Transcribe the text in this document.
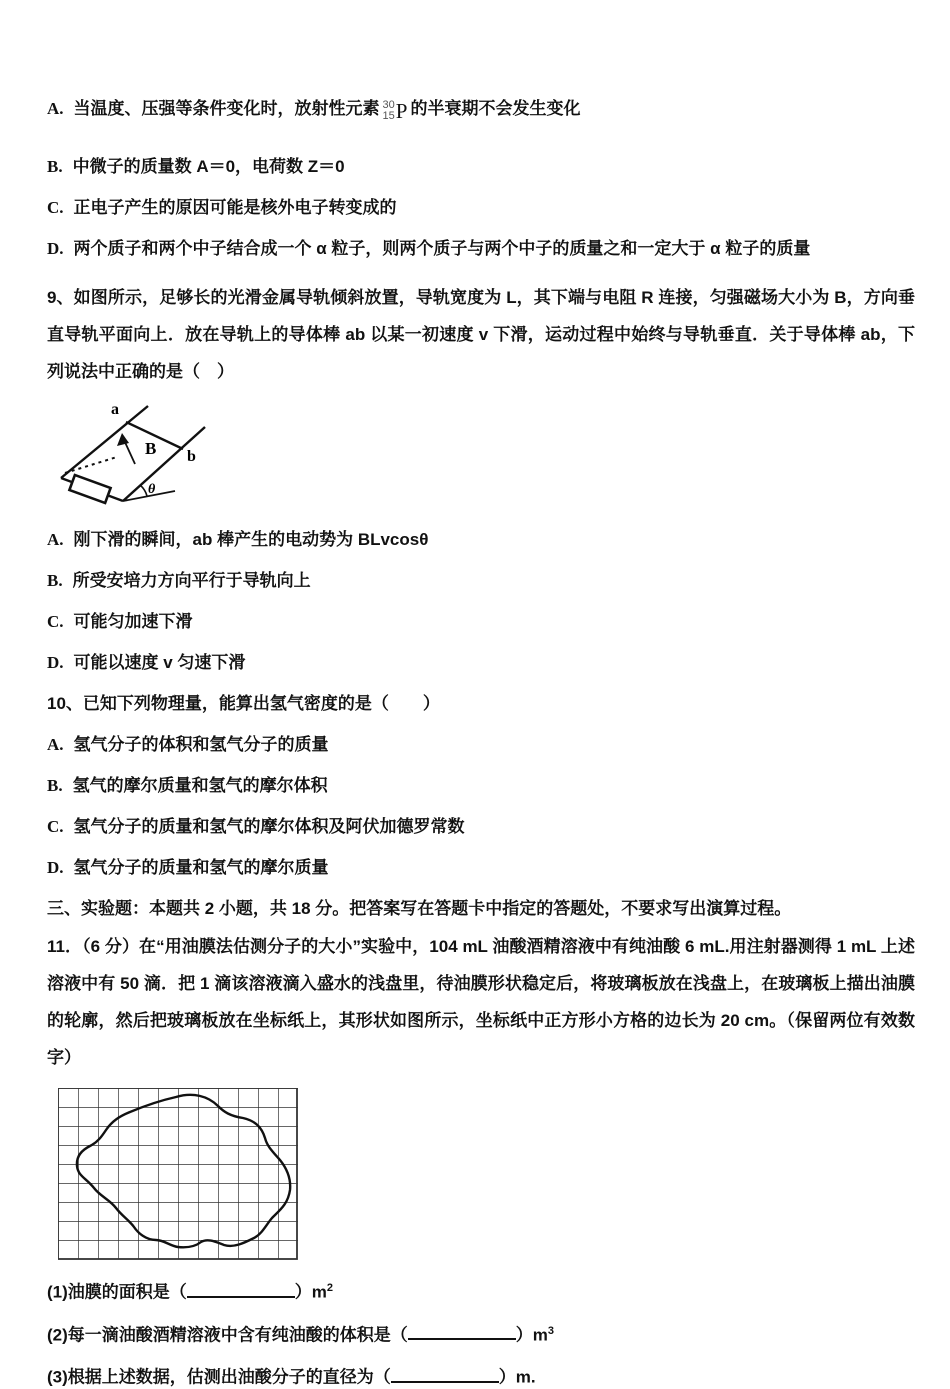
A. 当温度、压强等条件变化时，放射性元素 30
15 P 的半衰期不会发生变化
B. 中微子的质量数 A＝0，电荷数 Z＝0
C. 正电子产生的原因可能是核外电子转变成的
D. 两个质子和两个中子结合成一个 α 粒子，则两个质子与两个中子的质量之和一定大于 α 粒子的质量
9、如图所示，足够长的光滑金属导轨倾斜放置，导轨宽度为 L，其下端与电阻 R 连接，匀强磁场大小为 B，方向垂直导轨平面向上．放在导轨上的导体棒 ab 以某一初速度 v 下滑，运动过程中始终与导轨垂直．关于导体棒 ab，下列说法中正确的是（　）
a
b
B
θ
A. 刚下滑的瞬间，ab 棒产生的电动势为 BLvcosθ
B. 所受安培力方向平行于导轨向上
C. 可能匀加速下滑
D. 可能以速度 v 匀速下滑
10、已知下列物理量，能算出氢气密度的是（　　）
A. 氢气分子的体积和氢气分子的质量
B. 氢气的摩尔质量和氢气的摩尔体积
C. 氢气分子的质量和氢气的摩尔体积及阿伏加德罗常数
D. 氢气分子的质量和氢气的摩尔质量
三、实验题：本题共 2 小题，共 18 分。把答案写在答题卡中指定的答题处，不要求写出演算过程。
11．（6 分）在“用油膜法估测分子的大小”实验中，104 mL 油酸酒精溶液中有纯油酸 6 mL.用注射器测得 1 mL 上述溶液中有 50 滴．把 1 滴该溶液滴入盛水的浅盘里，待油膜形状稳定后，将玻璃板放在浅盘上，在玻璃板上描出油膜的轮廓，然后把玻璃板放在坐标纸上，其形状如图所示，坐标纸中正方形小方格的边长为 20 cm。（保留两位有效数字）
(1)油膜的面积是（	）$m^2$
(2)每一滴油酸酒精溶液中含有纯油酸的体积是（	）$m^3$
(3)根据上述数据，估测出油酸分子的直径为（	）m.
